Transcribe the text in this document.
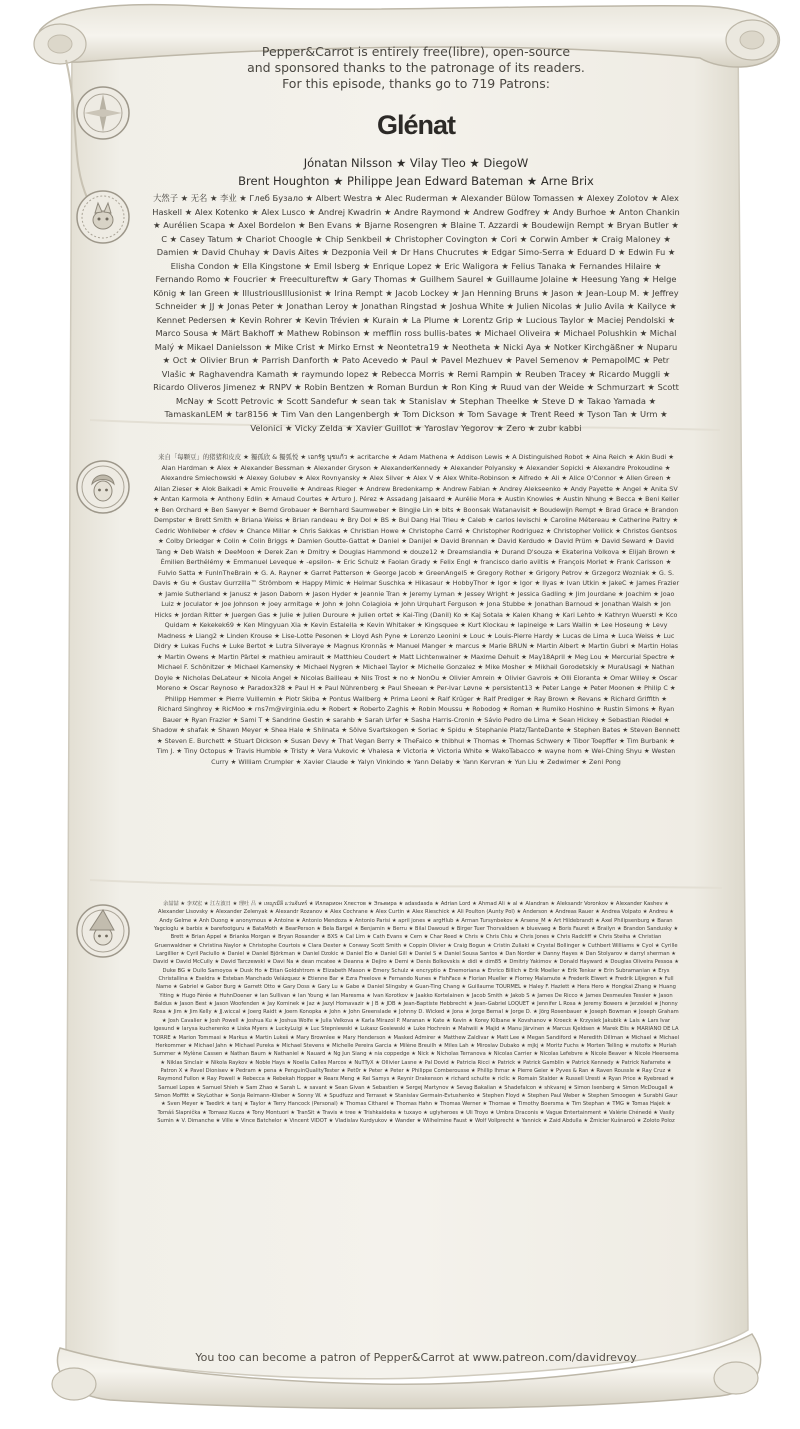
Pepper&Carrot is entirely free(libre), open-source
and sponsored thanks to the patronage of its readers.
For this episode, thanks go to 719 Patrons:
Glénat
Jónatan Nilsson ★ Vilay Tleo ★ DiegoW
Brent Houghton ★ Philippe Jean Edward Bateman ★ Arne Brix
大然子 ★ 无名 ★ 李业 ★ Глеб Бузало ★ Albert Westra ★ Alec Ruderman ★ Alexander Bülow Tomassen ★ Alexey Zolotov ★ Alex Haskell ★ Alex Kotenko ★ Alex Lusco ★ Andrej Kwadrin ★ Andre Raymond ★ Andrew Godfrey ★ Andy Burhoe ★ Anton Chankin ★ Aurélien Scapa ★ Axel Bordelon ★ Ben Evans ★ Bjarne Rosengren ★ Blaine T. Azzardi ★ Boudewijn Rempt ★ Bryan Butler ★ C ★ Casey Tatum ★ Chariot Choogle ★ Chip Senkbeil ★ Christopher Covington ★ Cori ★ Corwin Amber ★ Craig Maloney ★ Damien ★ David Chuhay ★ Davis Aites ★ Dezponia Veil ★ Dr Hans Chucrutes ★ Edgar Simo-Serra ★ Eduard D ★ Edwin Fu ★ Elisha Condon ★ Ella Kingstone ★ Emil Isberg ★ Enrique Lopez ★ Eric Waligora ★ Felius Tanaka ★ Fernandes Hilaire ★ Fernando Romo ★ Foucrier ★ Freecultureftw ★ Gary Thomas ★ Guilhem Saurel ★ Guillaume Jolaine ★ Heesung Yang ★ Helge König ★ Ian Green ★ IllustriousIllusionist ★ Irina Rempt ★ Jacob Lockey ★ Jan Henning Bruns ★ Jason ★ Jean-Loup M. ★ Jeffrey Schneider ★ JJ ★ Jonas Peter ★ Jonathan Leroy ★ Jonathan Ringstad ★ Joshua White ★ Julien Nicolas ★ Julio Avila ★ Kailyce ★ Kennet Pedersen ★ Kevin Rohrer ★ Kevin Trévien ★ Kurain ★ La Plume ★ Lorentz Grip ★ Lucious Taylor ★ Maciej Pendolski ★ Marco Sousa ★ Märt Bakhoff ★ Mathew Robinson ★ mefflin ross bullis-bates ★ Michael Oliveira ★ Michael Polushkin ★ Michal Malý ★ Mikael Danielsson ★ Mike Crist ★ Mirko Ernst ★ Neontetra19 ★ Neotheta ★ Nicki Aya ★ Notker Kirchgäßner ★ Nuparu ★ Oct ★ Olivier Brun ★ Parrish Danforth ★ Pato Acevedo ★ Paul ★ Pavel Mezhuev ★ Pavel Semenov ★ PemapolMC ★ Petr Vlašic ★ Raghavendra Kamath ★ raymundo lopez ★ Rebecca Morris ★ Remi Rampin ★ Reuben Tracey ★ Ricardo Muggli ★ Ricardo Oliveros Jimenez ★ RNPV ★ Robin Bentzen ★ Roman Burdun ★ Ron King ★ Ruud van der Weide ★ Schmurzart ★ Scott McNay ★ Scott Petrovic ★ Scott Sandefur ★ sean tak ★ Stanislav ★ Stephan Theelke ★ Steve D ★ Takao Yamada ★ TamaskanLEM ★ tar8156 ★ Tim Van den Langenbergh ★ Tom Dickson ★ Tom Savage ★ Trent Reed ★ Tyson Tan ★ Urm ★ Velonici ★ Vicky Zelda ★ Xavier Guillot ★ Yaroslav Yegorov ★ Zero ★ zubr kabbi
来自「每颗豆」的猪猪和皮皮 ★ 獨孤欣 & 獨弧悦 ★ เอกรัฐ นุชแก้ว ★ acritarche ★ Adam Mathena ★ Addison Lewis ★ A Distinguished Robot ★ Aina Reich ★ Akin Budi ★ Alan Hardman ★ Alex ★ Alexander Bessman ★ Alexander Gryson ★ AlexanderKennedy ★ Alexander Polyansky ★ Alexander Sopicki ★ Alexandre Prokoudine ★ Alexandre Smiechowski ★ Alexey Golubev ★ Alex Rovnyansky ★ Alex Silver ★ Alex V ★ Alex White-Robinson ★ Alfredo ★ Ali ★ Alice O'Connor ★ Allen Green ★ Allan Zieser ★ Alok Baikadi ★ Amic Frouvelle ★ Andreas Rieger ★ Andrew Bredenkamp ★ Andrew Fabian ★ Andrey Alekseenko ★ Andy Payette ★ Angel ★ Anita SV ★ Antan Karmola ★ Anthony Edlin ★ Arnaud Courtes ★ Arturo J. Pérez ★ Assadang Jaisaard ★ Aurélie Mora ★ Austin Knowles ★ Austin Nhung ★ Becca ★ Beni Keller ★ Ben Orchard ★ Ben Sawyer ★ Bernd Grobauer ★ Bernhard Saumweber ★ Bingjie Lin ★ bits ★ Boonsak Watanavisit ★ Boudewijn Rempt ★ Brad Grace ★ Brandon Dempster ★ Brett Smith ★ Briana Weiss ★ Brian randeau ★ Bry Dol ★ BS ★ Bui Dang Hai Trieu ★ Caleb ★ carlos levischi ★ Caroline Métereau ★ Catherine Paltry ★ Cedric Wohlleber ★ cfdev ★ Chance Millar ★ Chris Sakkas ★ Christian Howe ★ Christophe Carré ★ Christopher Rodriguez ★ Christopher Vollick ★ Christos Gentsos ★ Colby Driedger ★ Colin ★ Colin Briggs ★ Damien Goutte-Gattat ★ Daniel ★ Danijel ★ David Brennan ★ David Kerdudo ★ David Prüm ★ David Seward ★ David Tang ★ Deb Walsh ★ DeeMoon ★ Derek Zan ★ Dmitry ★ Douglas Hammond ★ douze12 ★ Dreamslandia ★ Durand D'souza ★ Ekaterina Volkova ★ Elijah Brown ★ Émilien Berthélémy ★ Emmanuel Leveque ★ -epsilon- ★ Eric Schulz ★ Faolan Grady ★ Felix Engl ★ francisco dario aviltis ★ François Morlet ★ Frank Carlsson ★ Fulvio Satta ★ FunInTheBrain ★ G. A. Rayner ★ Garret Patterson ★ George Jacob ★ GreenAngel5 ★ Gregory Rother ★ Grigory Petrov ★ Grzegorz Wozniak ★ G. S. Davis ★ Gu ★ Gustav Gurrzilla™ Strömbom ★ Happy Mimic ★ Helmar Suschka ★ Hikasaur ★ HobbyThor ★ Igor ★ Igor ★ Ilyas ★ Ivan Utkin ★ JakeC ★ James Frazier ★ Jamie Sutherland ★ Janusz ★ Jason Daborn ★ Jason Hyder ★ Jeannie Tran ★ Jeremy Lyman ★ Jessey Wright ★ Jessica Gadling ★ Jim Jourdane ★ Joachim ★ Joao Luiz ★ Joculator ★ Joe Johnson ★ joey armitage ★ John ★ John Colagioia ★ John Urquhart Ferguson ★ Jona Stubbe ★ Jonathan Barnoud ★ Jonathan Walsh ★ Jon Hicks ★ Jordan Ritter ★ Juergen Gas ★ Julie ★ Julien Duroure ★ julien ortet ★ Kai-Ting (Danil) Ko ★ Kaj Sotala ★ Kalen Khang ★ Kari Lehto ★ Kathryn Wuerstl ★ Kco Quidam ★ Kekekek69 ★ Ken Mingyuan Xia ★ Kevin Estalella ★ Kevin Whitaker ★ Kingsquee ★ Kurt Klockau ★ lapineige ★ Lars Wallin ★ Lee Hoseung ★ Levy Madness ★ Liang2 ★ Linden Krouse ★ Lise-Lotte Pesonen ★ Lloyd Ash Pyne ★ Lorenzo Leonini ★ Louc ★ Louis-Pierre Hardy ★ Lucas de Lima ★ Luca Weiss ★ Luc Didry ★ Lukas Fuchs ★ Luke Bertot ★ Lutra Silveraye ★ Magnus Kronnäs ★ Manuel Manger ★ marcus ★ Marie BRUN ★ Martin Albert ★ Martin Gubri ★ Martin Holas ★ Martin Owens ★ Martin Pärtel ★ mathieu amirault ★ Matthieu Coudert ★ Matt Lichtenwalner ★ Maxime Dehuit ★ May18April ★ Meg Lou ★ Mercurial Spectre ★ Michael F. Schönitzer ★ Michael Kamensky ★ Michael Nygren ★ Michael Taylor ★ Michelle Gonzalez ★ Mike Mosher ★ Mikhail Gorodetskiy ★ MuraUsagi ★ Nathan Doyle ★ Nicholas DeLateur ★ Nicola Angel ★ Nicolas Bailleau ★ Nils Trost ★ no ★ NonOu ★ Olivier Amrein ★ Olivier Gavrois ★ Olli Eloranta ★ Omar Willey ★ Oscar Moreno ★ Oscar Reynoso ★ Paradox328 ★ Paul H ★ Paul Nührenberg ★ Paul Sheean ★ Per-Ivar Løvne ★ persistent13 ★ Peter Lange ★ Peter Moonen ★ Philip C ★ Philipp Hemmer ★ Pierre Vuillemin ★ Piotr Skiba ★ Pontus Wallberg ★ Prima Leoni ★ Ralf Krüger ★ Ralf Prediger ★ Ray Brown ★ Revans ★ Richard Griffith ★ Richard Singhroy ★ RicMoo ★ rns7m@virginia.edu ★ Robert ★ Roberto Zaghis ★ Robin Moussu ★ Robodog ★ Roman ★ Rumiko Hoshino ★ Rustin Simons ★ Ryan Bauer ★ Ryan Frazier ★ Sami T ★ Sandrine Gestin ★ sarahb ★ Sarah Urfer ★ Sasha Harris-Cronin ★ Sávio Pedro de Lima ★ Sean Hickey ★ Sebastian Riedel ★ Shadow ★ shafak ★ Shawn Meyer ★ Shea Hale ★ Shilnata ★ Sölve Svartskogen ★ Soriac ★ Spidu ★ Stephanie Platz/TanteDante ★ Stephen Bates ★ Steven Bennett ★ Steven E. Burchett ★ Stuart Dickson ★ Susan Devy ★ That Vegan Berry ★ TheFaico ★ thibhul ★ Thomas ★ Thomas Schwery ★ Tibor Toepffer ★ Tim Burbank ★ Tim J. ★ Tiny Octopus ★ Travis Humble ★ Tristy ★ Vera Vukovic ★ Vhalesa ★ Victoria ★ Victoria White ★ WakoTabacco ★ wayne hom ★ Wei-Ching Shyu ★ Westen Curry ★ William Crumpler ★ Xavier Claude ★ Yalyn Vinkindo ★ Yann Delaby ★ Yann Kervran ★ Yun Liu ★ Zedwimer ★ Zeni Pong
余喆喆 ★ 李双宏 ★ 江左波日 ★ 理吐 吕 ★ เหญูรมีลี แว่นจันทร์ ★ Илларион Хлестов ★ Эльвира ★ adasdasda ★ Adrian Lord ★ Ahmad Ali ★ al ★ Alandran ★ Aleksandr Voronkov ★ Alexander Kashev ★ Alexander Lisovsky ★ Alexander Zelenyak ★ Alexandr Rozanov ★ Alex Cochrane ★ Alex Curtin ★ Alex Rieschick ★ Ali Poulton (Aunty Pol) ★ Anderson ★ Andreas Rauer ★ Andrea Volpato ★ Andreu ★ Andy Gelme ★ Anh Duong ★ anonymous ★ Antoine ★ Antonio Mendoza ★ Antonio Parisi ★ april jones ★ argHlub ★ Arman Tursynbekov ★ Arsene_M ★ Art Hildebrandt ★ Axel Philipsenburg ★ Baran Yagcioglu ★ barbix ★ barefootguru ★ BataMoth ★ BearPerson ★ Bela Bargel ★ Benjamin ★ Berru ★ Bilal Dawoud ★ Birger Tuer Thorvaldsen ★ bluevaeg ★ Boris Fauret ★ Brailyn ★ Brandon Sandusky ★ Brett ★ Brian Appel ★ Brianka Morgan ★ Bryan Rosander ★ BXS ★ Cal Lim ★ Cath Evans ★ Cem ★ Char Reed ★ Chris ★ Chris Chiu ★ Chris Jones ★ Chris Radcliff ★ Chris Steiha ★ Christian Gruenwaldner ★ Christina Naylor ★ Christophe Courtois ★ Clara Dexter ★ Conway Scott Smith ★ Coppin Olivier ★ Craig Bogun ★ Cristin Zuliaki ★ Crystal Bollinger ★ Cuthbert Williams ★ Cyol ★ Cyrille Largillier ★ Cyril Paciullo ★ Daniel ★ Daniel Björkman ★ Daniel Dzokic ★ Daniel Elo ★ Daniel Gill ★ Daniel S ★ Daniel Sousa Santos ★ Dan Norder ★ Danny Hayes ★ Dan Stolyarov ★ darryl sherman ★ David ★ David McCully ★ David Tarczewski ★ Davi Na ★ dean mcatee ★ Deanna ★ Dejiro ★ Demi ★ Denis Bolkovskis ★ didi ★ dim85 ★ Dmitriy Yakimov ★ Donald Hayward ★ Douglas Oliveira Pessoa ★ Duke BG ★ Duilo Samoyoa ★ Dusk Ho ★ Eitan Goldshtrom ★ Elizabeth Mason ★ Emery Schulz ★ encryptio ★ Enemoriana ★ Enrico Billich ★ Erik Moeller ★ Erik Tenkar ★ Erin Subramanian ★ Erys Christallina ★ Eseldra ★ Esteban Manchado Velázquez ★ Etienne Bar ★ Ezra Freelove ★ Fernando Nunes ★ FishFace ★ Florian Mueller ★ Florrey Malamute ★ Frederik Elwert ★ Fredrik Liljegren ★ Full Name ★ Gabriel ★ Gabor Burg ★ Garrett Otto ★ Gary Doss ★ Gary Lu ★ Gabe ★ Daniel Slingsby ★ Guan-Ting Chang ★ Guillaume TOURMEL ★ Haley F. Hazlett ★ Hera Hero ★ Hongkai Zhang ★ Huang Yiting ★ Hugo Fèrée ★ HuhnDoener ★ Ian Sullivan ★ Ian Young ★ Ian Maresma ★ Ivan Korotkov ★ Jaakko Kortelainen ★ Jacob Smith ★ Jakob S ★ James De Ricco ★ James Desmeules Tessier ★ Jason Baldus ★ Jason Best ★ Jason Woofenden ★ Jay Kominek ★ Jaz ★ Jazyl Homavazir ★ J B ★ JDB ★ Jean-Baptiste Hebbrecht ★ Jean-Gabriel LOQUET ★ Jennifer L Rosa ★ Jeremy Bowers ★ Jerzekiel ★ Jhonny Rosa ★ Jim ★ Jim Kelly ★ JJ.wiccal ★ Joerg Raidt ★ Joern Konopka ★ John ★ John Greenslade ★ Johnny D. Wicked ★ Jona ★ Jorge Bernal ★ Jorge D. ★ Jörg Rosenbauer ★ Joseph Bowman ★ Joseph Graham ★ Josh Cavalier ★ Josh Powell ★ Joshua Ku ★ Joshua Wolfe ★ Julia Velkova ★ Karla Mirazol P. Maranan ★ Kate ★ Kevin ★ Korey Kilbane ★ Kovshanov ★ Kroeck ★ Krzysiek Jakubik ★ Lais ★ Lars Ivar Igesund ★ larysa kucherenko ★ Liska Myers ★ LuckyLuigi ★ Luc Stepniewski ★ Lukasz Gosiewski ★ Luke Hochrein ★ Mahwiii ★ Majid ★ Manu Järvinen ★ Marcus Kjeldsen ★ Marek Elis ★ MARIANO DE LA TORRE ★ Marion Tommasi ★ Markus ★ Martin Lukeš ★ Mary Brownlee ★ Mary Henderson ★ Masked Admirer ★ Matthew Zaldivar ★ Matt Lee ★ Megan Sandiford ★ Meredith Dillman ★ Michael ★ Michael Herkommer ★ Michael Jahn ★ Michael Pureka ★ Michael Stevens ★ Michelle Pereira Garcia ★ Milène Breuilh ★ Miles Lah ★ Miroslav Dubako ★ mjkj ★ Moritz Fuchs ★ Morten Telling ★ mutofix ★ Muriah Summer ★ Mylène Cassen ★ Nathan Baum ★ Nathaniel ★ Nauard ★ Ng Jun Siang ★ nia coppedge ★ Nick ★ Nicholas Terranova ★ Nicolas Carrier ★ Nicolas Lefebvre ★ Nicole Beaver ★ Nicole Heersema ★ Niklas Sinclair ★ Nikola Raykov ★ Noble Hays ★ Noella Calles Marcos ★ NuTTyX ★ Ollivier Lasne ★ Pal Dovid ★ Patricia Ricci ★ Patrick ★ Patrick Gamblin ★ Patrick Kennedy ★ Patrick Nafarrete ★ Patron X ★ Pavel Dionisev ★ Pedram ★ pena ★ PenguinQualityTester ★ Pet0r ★ Peter ★ Peter ★ Philippe Comberousse ★ Phillip Ihmar ★ Pierre Geier ★ Pyves & Ran ★ Raven Roussle ★ Ray Cruz ★ Raymond Fullon ★ Ray Powell ★ Rebecca ★ Rebekah Hopper ★ Rearx Meng ★ Rei Samys ★ Reynir Drakenson ★ richard schulte ★ riclic ★ Romain Stalder ★ Russell Uresti ★ Ryan Price ★ Ryebread ★ Samuel Lopes ★ Samuel Shieh ★ Sam Zhao ★ Sarah L. ★ savant ★ Sean Givan ★ Sebastien ★ Sergej Martynov ★ Sevag Bakalian ★ Shadefalcon ★ shkvarej ★ Simon Isenberg ★ Simon McDougall ★ Simon Moffitt ★ SkyLothar ★ Sonja Reimann-Klieber ★ Sonny W. ★ Spudfuzz and Terraset ★ Stanislav Germain-Evtushenko ★ Stephen Floyd ★ Stephen Paul Weber ★ Stephen Smoogen ★ Surabhi Gaur ★ Sven Meyer ★ Taedirk ★ tanj ★ Taylor ★ Terry Hancock (Personal) ★ Thomas Citharel ★ Thomas Hahn ★ Thomas Werner ★ Thornae ★ Timothy Boersma ★ Tim Stephan ★ TMG ★ Tomas Hajek ★ Tomáš Slapnička ★ Tomasz Kucza ★ Tony Montuori ★ TranSit ★ Travis ★ tree ★ Trishkaideka ★ tuxayo ★ uglyheroes ★ Uli Troyo ★ Umbra Draconis ★ Vague Entertainment ★ Valérie Chénedé ★ Vasily Sumin ★ V. Dimanche ★ Ville ★ Vince Batchelor ★ Vincent VIDOT ★ Vladislav Kurdyukov ★ Wander ★ Wilhelmine Faust ★ Wolf Vollprecht ★ Yannick ★ Zaid Abdulla ★ Źmicier Kušnaroŭ ★ Zoloto Poloz
You too can become a patron of Pepper&Carrot at www.patreon.com/davidrevoy
